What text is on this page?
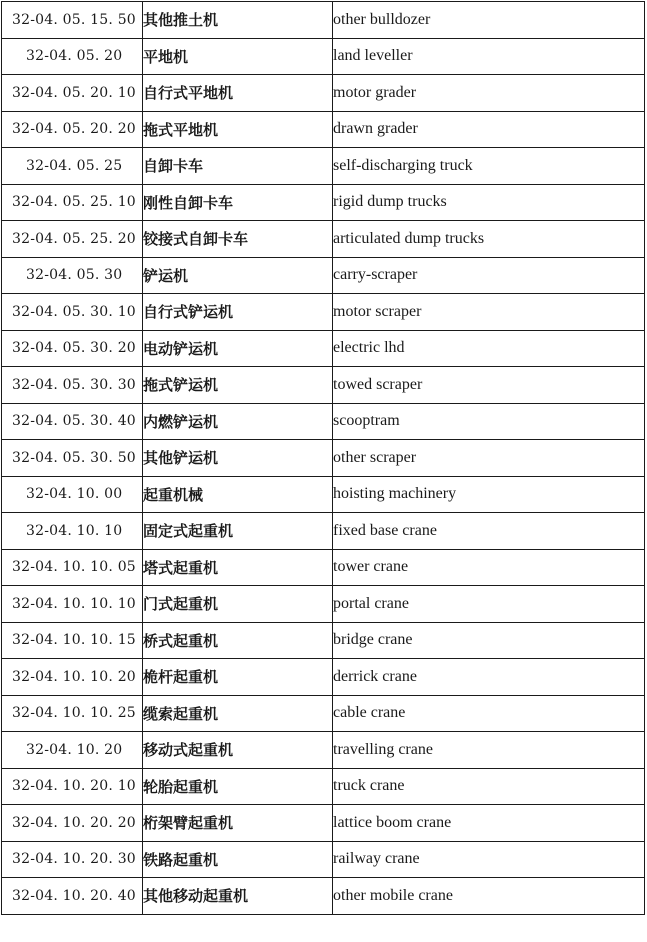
32-04. 05. 15. 50	其他推土机	other bulldozer
32-04. 05. 20	平地机	land leveller
32-04. 05. 20. 10	自行式平地机	motor grader
32-04. 05. 20. 20	拖式平地机	drawn grader
32-04. 05. 25	自卸卡车	self-discharging truck
32-04. 05. 25. 10	刚性自卸卡车	rigid dump trucks
32-04. 05. 25. 20	铰接式自卸卡车	articulated dump trucks
32-04. 05. 30	铲运机	carry-scraper
32-04. 05. 30. 10	自行式铲运机	motor scraper
32-04. 05. 30. 20	电动铲运机	electric lhd
32-04. 05. 30. 30	拖式铲运机	towed scraper
32-04. 05. 30. 40	内燃铲运机	scooptram
32-04. 05. 30. 50	其他铲运机	other scraper
32-04. 10. 00	起重机械	hoisting machinery
32-04. 10. 10	固定式起重机	fixed base crane
32-04. 10. 10. 05	塔式起重机	tower crane
32-04. 10. 10. 10	门式起重机	portal crane
32-04. 10. 10. 15	桥式起重机	bridge crane
32-04. 10. 10. 20	桅杆起重机	derrick crane
32-04. 10. 10. 25	缆索起重机	cable crane
32-04. 10. 20	移动式起重机	travelling crane
32-04. 10. 20. 10	轮胎起重机	truck crane
32-04. 10. 20. 20	桁架臂起重机	lattice boom crane
32-04. 10. 20. 30	铁路起重机	railway crane
32-04. 10. 20. 40	其他移动起重机	other mobile crane
